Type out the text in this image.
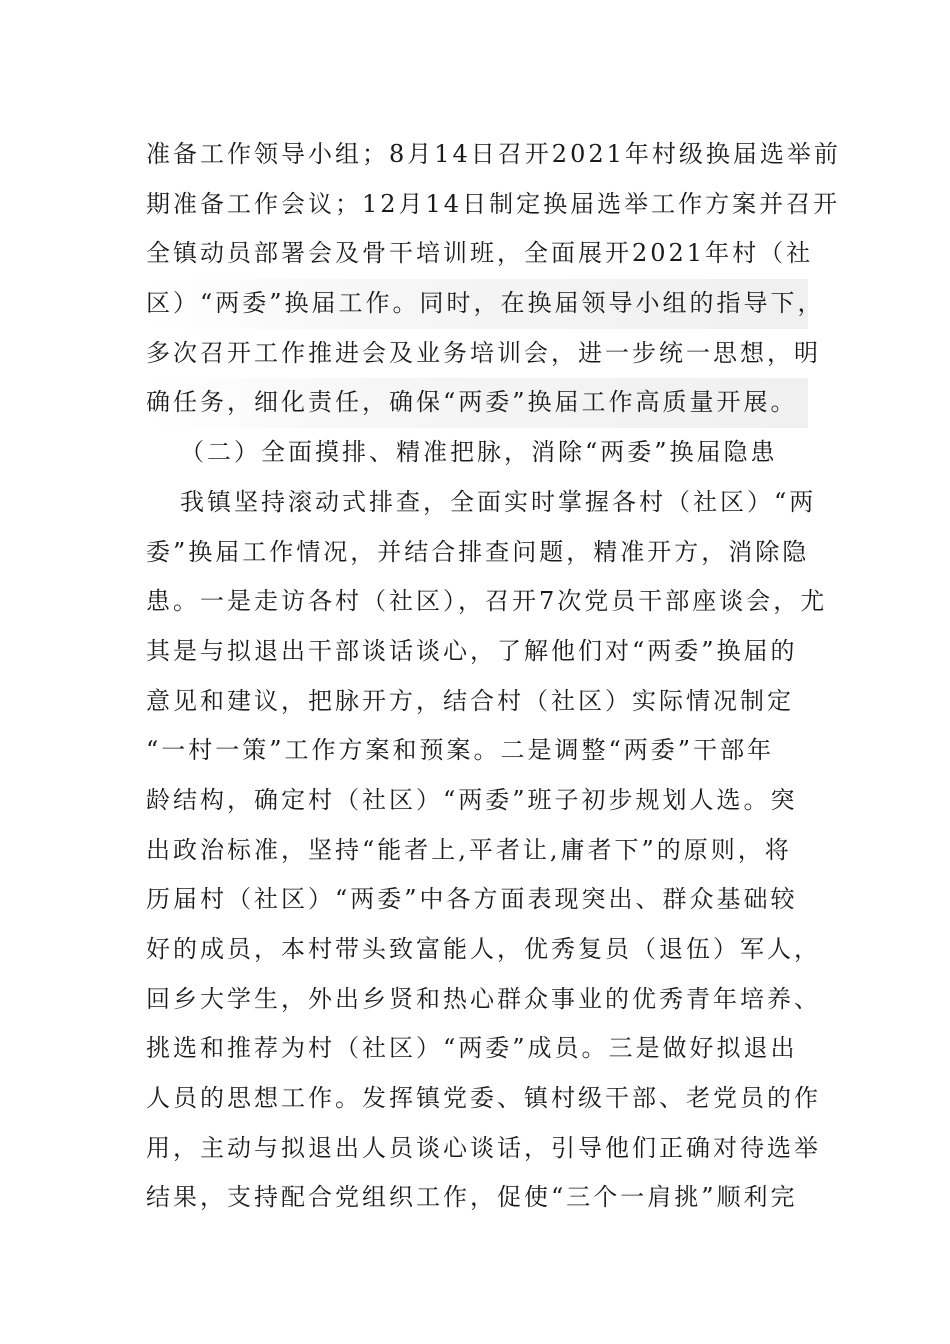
准备工作领导小组；8月14日召开2021年村级换届选举前
期准备工作会议；12月14日制定换届选举工作方案并召开
全镇动员部署会及骨干培训班，全面展开2021年村（社
区）“两委”换届工作。同时，在换届领导小组的指导下，
多次召开工作推进会及业务培训会，进一步统一思想，明
确任务，细化责任，确保“两委”换届工作高质量开展。
（二）全面摸排、精准把脉，消除“两委”换届隐患
我镇坚持滚动式排查，全面实时掌握各村（社区）“两
委”换届工作情况，并结合排查问题，精准开方，消除隐
患。一是走访各村（社区），召开7次党员干部座谈会，尤
其是与拟退出干部谈话谈心，了解他们对“两委”换届的
意见和建议，把脉开方，结合村（社区）实际情况制定
“一村一策”工作方案和预案。二是调整“两委”干部年
龄结构，确定村（社区）“两委”班子初步规划人选。突
出政治标准，坚持“能者上,平者让,庸者下”的原则，将
历届村（社区）“两委”中各方面表现突出、群众基础较
好的成员，本村带头致富能人，优秀复员（退伍）军人，
回乡大学生，外出乡贤和热心群众事业的优秀青年培养、
挑选和推荐为村（社区）“两委”成员。三是做好拟退出
人员的思想工作。发挥镇党委、镇村级干部、老党员的作
用，主动与拟退出人员谈心谈话，引导他们正确对待选举
结果，支持配合党组织工作，促使“三个一肩挑”顺利完
